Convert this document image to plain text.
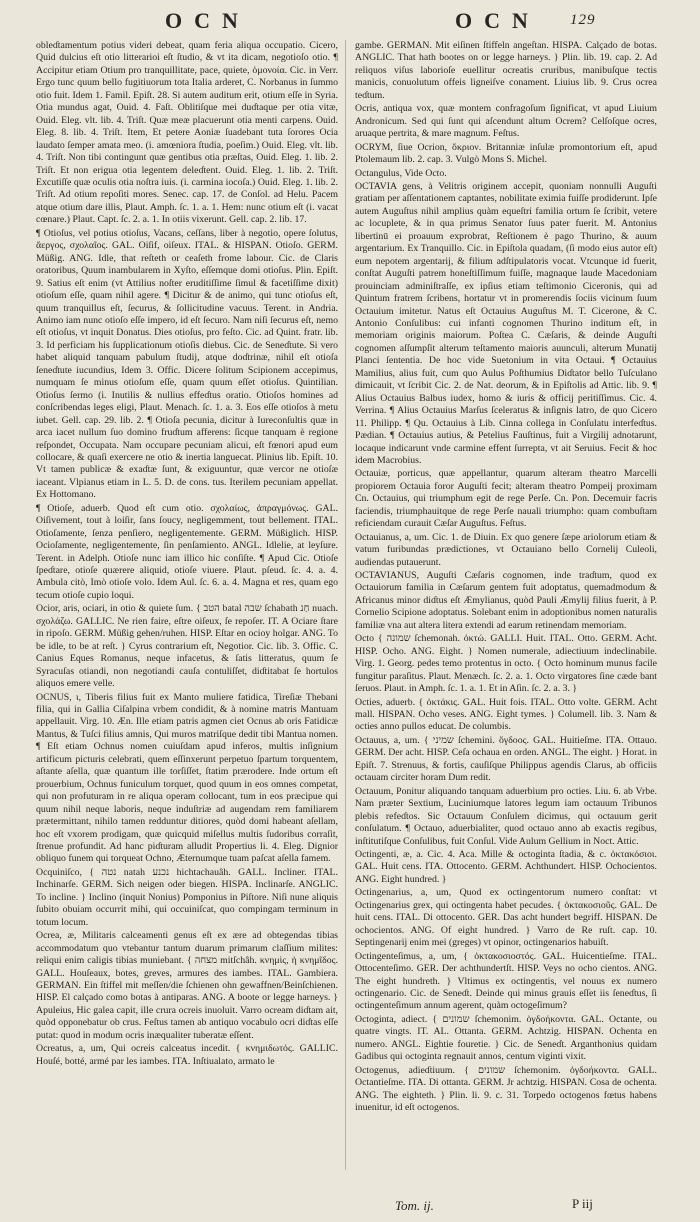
OCN	OCN 129

obleɗtamentum potius videri debeat, quam feria aliqua occupatio. Cicero, Quid dulcius eſt otio litterarioi eſt ſtudio, & vt ita dicam, negotioſo otio. ¶ Accipitur etiam Otium pro tranquillitate, pace, quiete, ὁμονοία. Cic. in Verr. Ergo tunc quum bello fugitiuorum tota Italia arderet, C. Norbanus in ſummo otio fuit. Idem 1. Famil. Epiſt. 28. Si autem auditum erit, otium eſſe in Syria. Otia mundus agat, Ouid. 4. Faſt. Oblitiſque mei duɗtaque per otia vitæ, Ouid. Eleg. vlt. lib. 4. Triſt. Quæ meæ placuerunt otia menti carpens. Ouid. Eleg. 8. lib. 4. Triſt. Item, Et petere Aoniæ ſuadebant tuta ſorores Ocia laudato ſemper amata meo. (i. amœniora ſtudia, poeſim.) Ouid. Eleg. vlt. lib. 4. Triſt. Non tibi contingunt quæ gentibus otia præſtas, Ouid. Eleg. 1. lib. 2. Triſt. Et non erigua otia legentem deleɗtent. Ouid. Eleg. 1. lib. 2. Triſt. Excutiſſe quæ oculis otia noſtra iuis. (i. carmina iocoſa.) Ouid. Eleg. 1. lib. 2. Triſt. Ad otium repoſiti mores. Senec. cap. 17. de Conſol. ad Helu. Pacem atque otium dare illis, Plaut. Amph. ſc. 1. a. 1. Hem: nunc otium eſt (i. vacat cœnare.) Plaut. Capt. ſc. 2. a. 1. In otiis vixerunt. Gell. cap. 2. lib. 17.

¶ Otioſus, vel potius otioſus, Vacans, ceſſans, liber à negotio, opere ſolutus, ἄεργος, σχολαῖος. GAL. Oiſif, oiſeux. ITAL. & HISPAN. Otioſo. GERM. Müßig. ANG. Idle, that reſteth or ceaſeth frome labour. Cic. de Claris oratoribus, Quum inambularem in Xyſto, eſſemque domi otioſus. Plin. Epiſt. 9. Satius eſt enim (vt Attilius noſter eruditiſſime ſimul & facetiſſime dixit) otioſum eſſe, quam nihil agere. ¶ Dicitur & de animo, qui tunc otioſus eſt, quum tranquillus eſt, ſecurus, & ſollicitudine vacuus. Terent. in Andria. Animo iam nunc otioſo eſſe impero, id eſt ſecuro. Nam niſi ſecurus eſt, nemo eſt otioſus, vt inquit Donatus. Dies otioſus, pro feſto. Cic. ad Quint. fratr. lib. 3. Id perficiam his ſupplicationum otioſis diebus. Cic. de Seneɗtute. Si vero habet aliquid tanquam pabulum ſtudij, atque doɗtrinæ, nihil eſt otioſa ſeneɗtute iucundius, Idem 3. Offic. Dicere ſolitum Scipionem accepimus, numquam ſe minus otioſum eſſe, quam quum eſſet otioſus. Quintilian. Otioſus ſermo (i. Inutilis & nullius effeɗtus oratio. Otioſos homines ad conſcribendas leges eligi, Plaut. Menach. ſc. 1. a. 3. Eos eſſe otioſos à metu iubet. Gell. cap. 29. lib. 2. ¶ Otioſa pecunia, dicitur à Iureconſultis quæ in arca iacet nullum ſuo domino fruɗtum afferens: ſicque tanquam è regione reſpondet, Occupata. Nam occupare pecuniam alicui, eſt fœnori apud eum collocare, & quaſi exercere ne otio & inertia languecat. Plinius lib. Epiſt. 10. Vt tamen publicæ & exaɗtæ ſunt, & exiguuntur, quæ vercor ne otioſæ iaceant. Vlpianus etiam in L. 5. D. de cons. tus. Iterilem pecuniam appellat. Ex Hottomano.

¶ Otioſe, aduerb. Quod eſt cum otio. σχολαίως, ἀπραγμόνως. GAL. Oiſivement, tout à loiſir, ſans ſoucy, negligemment, tout bellement. ITAL. Otioſamente, ſenza penſiero, negligentemente. GERM. Müßiglich. HISP. Ocioſamente, negligentemente, ſin penſamiento. ANGL. Idlelie, at leyſure. Terent. in Adelph. Otioſe nunc iam illico hic conſiſte. ¶ Apud Cic. Otioſe ſpeɗtare, otioſe quærere aliquid, otioſe viuere. Plaut. pſeud. ſc. 4. a. 4. Ambula citò, Imò otioſe volo. Idem Aul. ſc. 6. a. 4. Magna et res, quam ego tecum otioſe cupio loqui.

Ocior, aris, ociari, in otio & quiete ſum. { הטב batal שבה ſchabath חַנ nuach. σχολάζω. GALLIC. Ne rien faire, eſtre oiſeux, ſe repoſer. IT. A Ociare ſtare in ripoſo. GERM. Müßig gehen/ruhen. HISP. Eſtar en ocioy holgar. ANG. To be idle, to be at reſt. } Cyrus contrarium eſt, Negotior. Cic. lib. 3. Offic. C. Canius Eques Romanus, neque infacetus, & ſatis litteratus, quum ſe Syracuſas otiandi, non negotiandi cauſa contuliſſet, diɗtitabat ſe hortulos aliquos emere velle.

OCNUS, ι, Tiberis filius fuit ex Manto muliere fatidica, Tireſiæ Thebani filia, qui in Gallia Ciſalpina vrbem condidit, & à nomine matris Mantuam appellauit. Virg. 10. Æn. Ille etiam patris agmen ciet Ocnus ab oris Fatidicæ Mantus, & Tuſci filius amnis, Qui muros matriſque dedit tibi Mantua nomen. ¶ Eſt etiam Ochnus nomen cuiuſdam apud inferos, multis inſignium artificum picturis celebrati, quem eſſinxerunt perpetuo ſpartum torquentem, aſtante aſella, quæ quantum ille torſiſſet, ſtatim prærodere. Inde ortum eſt prouerbium, Ochnus funiculum torquet, quod quum in eos omnes competat, qui non profuturam in re aliqua operam collocant, tum in eos præcipue qui quum nihil neque laboris, neque induſtriæ ad augendam rem familiarem prætermittant, nihilo tamen redduntur ditiores, quòd domi habeant aſellam, hoc eſt vxorem prodigam, quæ quicquid miſellus multis ſudoribus corraſit, ſtrenue profundit. Ad hanc piɗturam alludit Propertius li. 4. Eleg. Dignior obliquo funem qui torqueat Ochno, Æternumque tuam paſcat aſella famem.

Ocquiniſco, { נטה natah נכנע hichtachauâh. GALL. Incliner. ITAL. Inchinarſe. GERM. Sich neigen oder biegen. HISPA. Inclinarſe. ANGLIC. To incline. } Inclino (inquit Nonius) Pomponius in Piſtore. Niſi nune aliquis ſubito obuiam occurrit mihi, qui occuiniſcat, quo compingam terminum in totum locum.

Ocrea, æ, Militaris calceamenti genus eſt ex ære ad obtegendas tibias accommodatum quo vtebantur tantum duarum primarum claſſium milites: reliqui enim caligis tibias muniebant. { מצחה mitſchâh. κνημὶς, ἡ κνημῖδος. GALL. Houſeaux, botes, greves, armures des iambes. ITAL. Gambiera. GERMAN. Ein ſtiffel mit meſſen/die ſchienen ohn gewaffnen/Beinſchienen. HISP. El calçado como botas à antiparas. ANG. A boote or legge harneys. } Apuleius, Hic galea capit, ille crura ocreis inuoluit. Varro ocream diɗtam ait, quòd opponebatur ob crus. Feſtus tamen ab antiquo vocabulo ocri diɗtas eſſe putat: quod in modum ocris inæqualiter tuberatæ eſſent.

Ocreatus, a, um, Qui ocreis calceatus incedit. { κνημιδωτός. GALLIC. Houſé, botté, armé par les iambes. ITA. Inſtiualato, armato le

gambe. GERMAN. Mit eiſinen ſtiffeln angeſtan. HISPA. Calçado de botas. ANGLIC. That hath bootes on or legge harneys. } Plin. lib. 19. cap. 2. Ad reliquos viſus laborioſe euellitur ocreatis cruribus, manibuſque tectis manicis, conuolutum offeis ligneiſve conament. Liuius lib. 9. Crus ocrea teɗtum.

Ocris, antiqua vox, quæ montem confragoſum ſignificat, vt apud Liuium Andronicum. Sed qui ſunt qui aſcendunt altum Ocrem? Celſoſque ocres, aruaque pertrita, & mare magnum. Feſtus.

OCRYM, ſiue Ocrion, ὄκριον. Britanniæ inſulæ promontorium eſt, apud Ptolemaum lib. 2. cap. 3. Vulgò Mons S. Michel.

Octangulus, Vide Octo.

OCTAVIA gens, à Velitris originem accepit, quoniam nonnulli Auguſti gratiam per aſſentationem captantes, nobilitate eximia fuiſſe prodiderunt. Ipſe autem Auguſtus nihil amplius quàm equeſtri familia ortum ſe ſcribit, vetere ac locuplete, & in qua primus Senator ſuus pater fuerit. M. Antonius libertinū ei proauum exprobrat, Reſtionem è pago Thurino, & auum argentarium. Ex Tranquillo. Cic. in Epiſtola quadam, (ſi modo eius autor eſt) eum nepotem argentarij, & filium adſtipulatoris vocat. Vtcunque id fuerit, conſtat Auguſti patrem honeſtiſſimum fuiſſe, magnaque laude Macedoniam prouinciam adminiſtraſſe, ex ipſius etiam teſtimonio Ciceronis, qui ad Quintum fratrem ſcribens, hortatur vt in promerendis ſociis vicinum ſuum Octauium imitetur. Natus eſt Octauius Auguſtus M. T. Cicerone, & C. Antonio Conſulibus: cui infanti cognomen Thurino inditum eſt, in memoriam originis maiorum. Poſtea C. Cæſaris, & deinde Auguſti cognomen aſſumpſit alterum teſtamento maioris auunculi, alterum Munatij Planci ſententia. De hoc vide Suetonium in vita Octaui. ¶ Octauius Mamilius, alius fuit, cum quo Aulus Poſthumius Diɗtator bello Tuſculano dimicauit, vt ſcribit Cic. 2. de Nat. deorum, & in Epiſtolis ad Attic. lib. 9. ¶ Alius Octauius Balbus iudex, homo & iuris & officij peritiſſimus. Cic. 4. Verrina. ¶ Alius Octauius Marſus ſceleratus & inſignis latro, de quo Cicero 11. Philipp. ¶ Qu. Octauius à Lib. Cinna collega in Conſulatu interfeɗtus. Pædian. ¶ Octauius autius, & Petelius Fauſtinus, fuit a Virgilij adnotarunt, locaque indicarunt vnde carmine effent ſurrepta, vt ait Seruius. Fecit & hoc idem Macrobius.

Octauiæ, porticus, quæ appellantur, quarum alteram theatro Marcelli propiorem Octauia foror Auguſti fecit; alteram theatro Pompeij proximam Cn. Octauius, qui triumphum egit de rege Perſe. Cn. Pon. Decemuir facris faciendis, triumphauitque de rege Perſe nauali triumpho: quam combuſtam reficiendam curauit Cæſar Auguſtus. Feſtus.

Octauianus, a, um. Cic. 1. de Diuin. Ex quo genere ſæpe ariolorum etiam & vatum furibundas prædictiones, vt Octauiano bello Cornelij Culeoli, audiendas putauerunt.

OCTAVIANUS, Auguſti Cæſaris cognomen, inde traɗtum, quod ex Octauiorum familia in Cæſarum gentem fuit adoptatus, quemadmodum & Africanus minor diɗtus eſt Æmylianus, quòd Pauli Æmylij filius fuerit, à P. Cornelio Scipione adoptatus. Solebant enim in adoptionibus nomen naturalis familiæ vna aut altera litera extendi ad earum retinendam memoriam.

Octo { שמונה ſchemonah. ὀκτώ. GALLI. Huit. ITAL. Otto. GERM. Acht. HISP. Ocho. ANG. Eight. } Nomen numerale, adiectiuum indeclinabile. Virg. 1. Georg. pedes temo protentus in octo. { Octo hominum munus facile fungitur paraſitus. Plaut. Menæch. ſc. 2. a. 1. Octo virgatores ſine cæde bant ſeruos. Plaut. in Amph. ſc. 1. a. 1. Et in Aſin. ſc. 2. a. 3. }

Octies, aduerb. { ὀκτάκις. GAL. Huit fois. ITAL. Otto volte. GERM. Acht mall. HISPAN. Ocho veses. ANG. Eight tymes. } Columell. lib. 3. Nam & octies anno pullos educat. De columbis.

Octauus, a, um. { שמיני ſchemini. ὄγδοος. GAL. Huitieſme. ITA. Ottauo. GERM. Der acht. HISP. Ceſa ochaua en orden. ANGL. The eight. } Horat. in Epiſt. 7. Strenuus, & fortis, cauſiſque Philippus agendis Clarus, ab officiis octauam circiter horam Dum redit.

Octauum, Ponitur aliquando tanquam aduerbium pro octies. Liu. 6. ab Vrbe. Nam præter Sextium, Luciniumque latores legum iam octauum Tribunos plebis refeɗtos. Sic Octauum Conſulem dicimus, qui octauum gerit conſulatum. ¶ Octauo, aduerbialiter, quod octauo anno ab exactis regibus, inſtitutiſque Conſulibus, fuit Conſul. Vide Aulum Gellium in Noct. Attic.

Octingenti, æ, a. Cic. 4. Aca. Mille & octoginta ſtadia, & c. ὀκτακόσιοι. GAL. Huit cens. ITA. Ottocento. GERM. Achthundert. HISP. Ochocientos. ANG. Eight hundred. }

Octingenarius, a, um, Quod ex octingentorum numero conſtat: vt Octingenarius grex, qui octingenta habet pecudes. { ὀκτακοσιοῦς. GAL. De huit cens. ITAL. Di ottocento. GER. Das acht hundert begriff. HISPAN. De ochocientos. ANG. Of eight hundred. } Varro de Re ruſt. cap. 10. Septingenarij enim mei (greges) vt opinor, octingenarios habuiſt.

Octingenteſimus, a, um, { ὀκτακοσιοστός. GAL. Huicentieſme. ITAL. Ottocenteſimo. GER. Der achthundertſt. HISP. Veys no ocho cientos. ANG. The eight hundreth. } Vltimus ex octingentis, vel nouus ex numero octingenario. Cic. de Seneɗt. Deinde qui minus grauis eſſet iis ſeneɗtus, ſi octingenteſimum annum agerent, quàm octogeſimum?

Octoginta, adiect. { שמונים ſchemonim. ὀγδοήκοντα. GAL. Octante, ou quatre vingts. IT. AL. Ottanta. GERM. Achtzig. HISPAN. Ochenta en numero. ANGL. Eightie fouretie. } Cic. de Seneɗt. Arganthonius quidam Gadibus qui octoginta regnauit annos, centum viginti vixit.

Octogenus, adieɗtiuum. { שמונים ſchemonim. ὀγδοήκοντα. GALL. Octantieſme. ITA. Di ottanta. GERM. Jr achtzig. HISPAN. Cosa de ochenta. ANG. The eighteth. } Plin. li. 9. c. 31. Torpedo octogenos fœtus habens inuenitur, id eſt octogenos.

Tom. ij.	P iij
